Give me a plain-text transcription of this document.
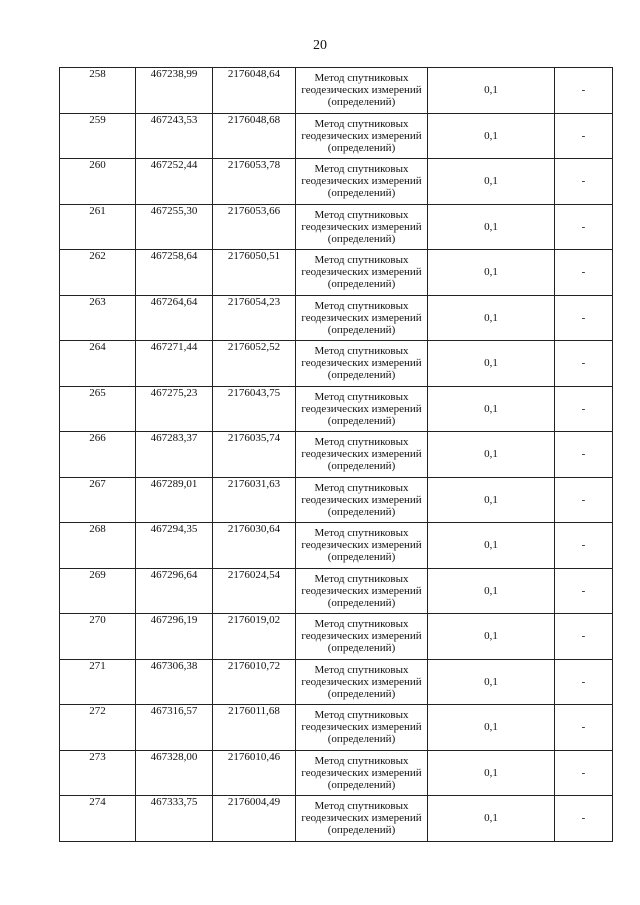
20
258	467238,99	2176048,64	Метод спутниковых геодезических измерений (определений)	0,1	-
259	467243,53	2176048,68	Метод спутниковых геодезических измерений (определений)	0,1	-
260	467252,44	2176053,78	Метод спутниковых геодезических измерений (определений)	0,1	-
261	467255,30	2176053,66	Метод спутниковых геодезических измерений (определений)	0,1	-
262	467258,64	2176050,51	Метод спутниковых геодезических измерений (определений)	0,1	-
263	467264,64	2176054,23	Метод спутниковых геодезических измерений (определений)	0,1	-
264	467271,44	2176052,52	Метод спутниковых геодезических измерений (определений)	0,1	-
265	467275,23	2176043,75	Метод спутниковых геодезических измерений (определений)	0,1	-
266	467283,37	2176035,74	Метод спутниковых геодезических измерений (определений)	0,1	-
267	467289,01	2176031,63	Метод спутниковых геодезических измерений (определений)	0,1	-
268	467294,35	2176030,64	Метод спутниковых геодезических измерений (определений)	0,1	-
269	467296,64	2176024,54	Метод спутниковых геодезических измерений (определений)	0,1	-
270	467296,19	2176019,02	Метод спутниковых геодезических измерений (определений)	0,1	-
271	467306,38	2176010,72	Метод спутниковых геодезических измерений (определений)	0,1	-
272	467316,57	2176011,68	Метод спутниковых геодезических измерений (определений)	0,1	-
273	467328,00	2176010,46	Метод спутниковых геодезических измерений (определений)	0,1	-
274	467333,75	2176004,49	Метод спутниковых геодезических измерений (определений)	0,1	-
